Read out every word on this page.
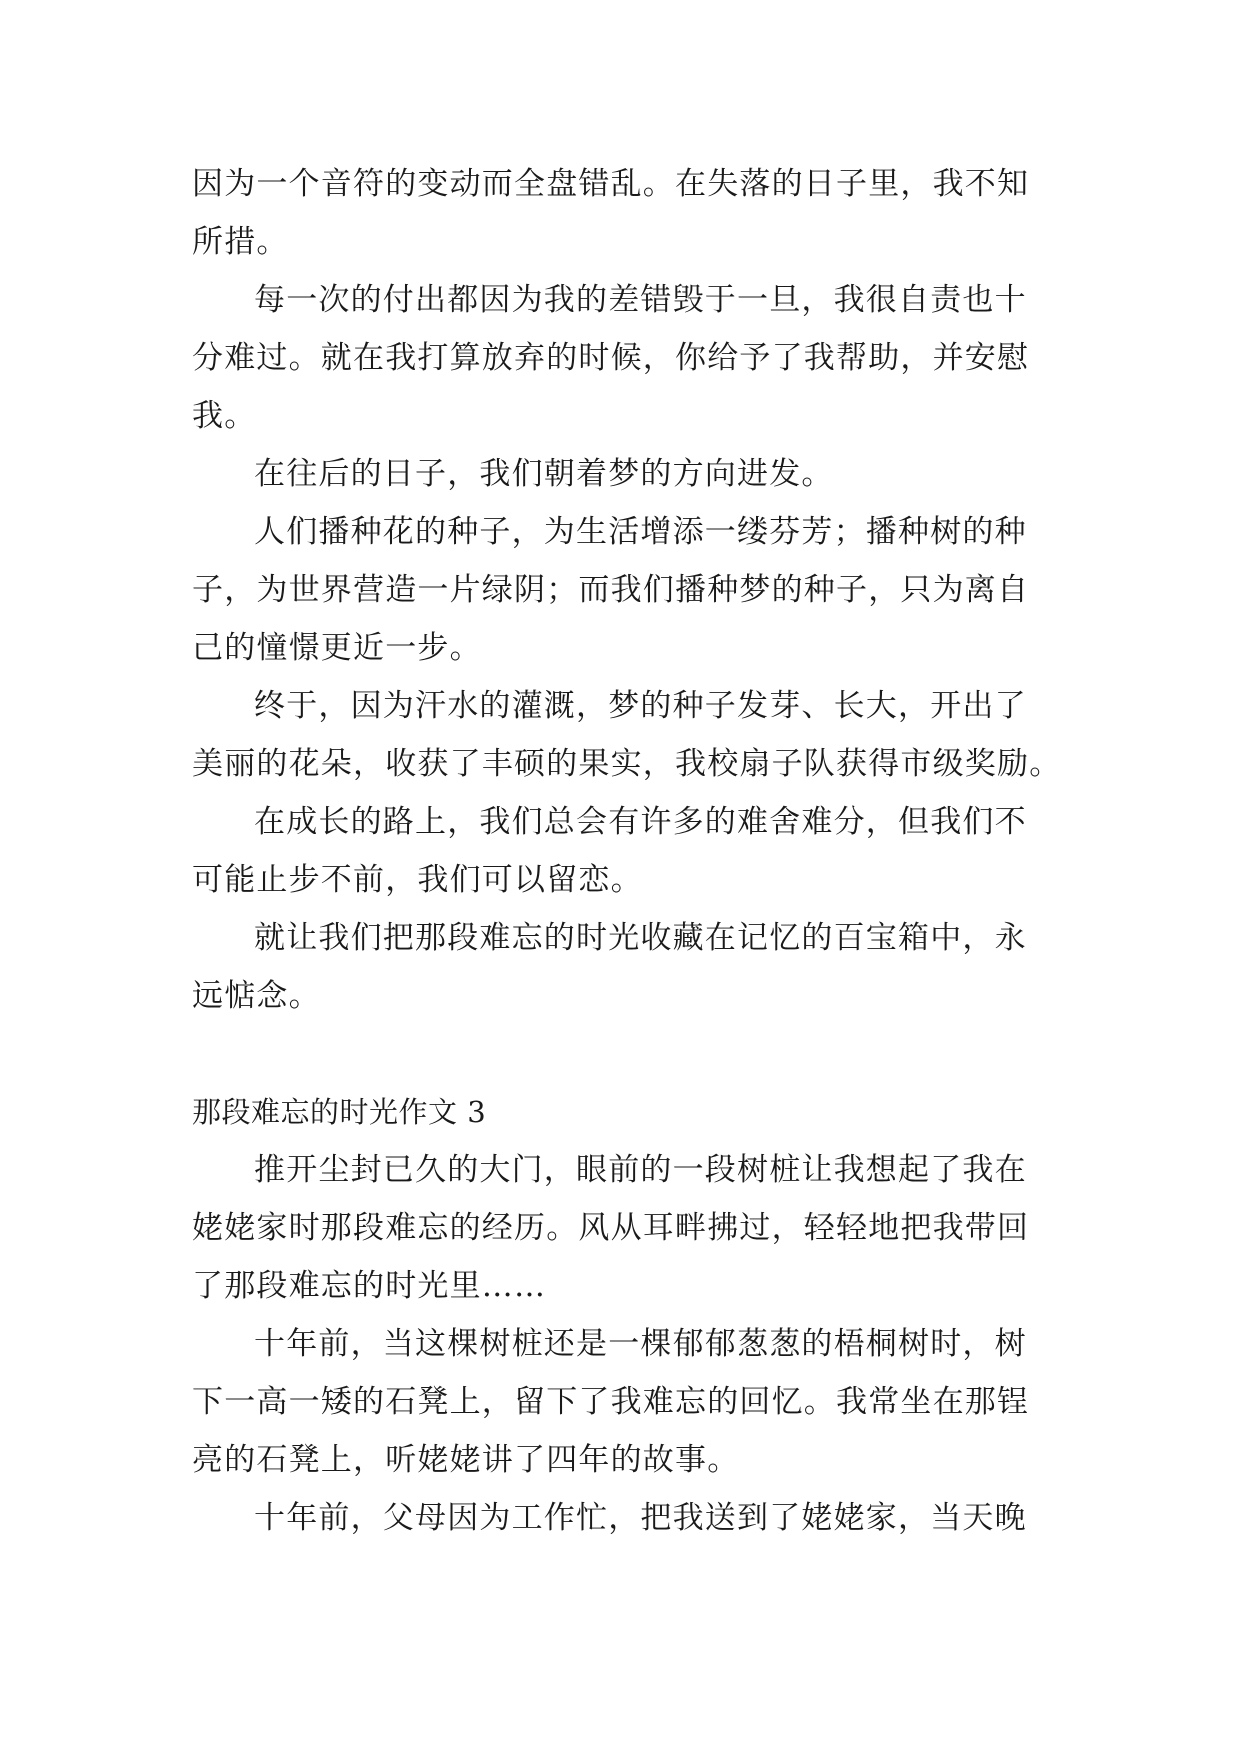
因为一个音符的变动而全盘错乱。在失落的日子里，我不知
所措。
每一次的付出都因为我的差错毁于一旦，我很自责也十
分难过。就在我打算放弃的时候，你给予了我帮助，并安慰
我。
在往后的日子，我们朝着梦的方向进发。
人们播种花的种子，为生活增添一缕芬芳；播种树的种
子，为世界营造一片绿阴；而我们播种梦的种子，只为离自
己的憧憬更近一步。
终于，因为汗水的灌溉，梦的种子发芽、长大，开出了
美丽的花朵，收获了丰硕的果实，我校扇子队获得市级奖励。
在成长的路上，我们总会有许多的难舍难分，但我们不
可能止步不前，我们可以留恋。
就让我们把那段难忘的时光收藏在记忆的百宝箱中，永
远惦念。
那段难忘的时光作文 3
推开尘封已久的大门，眼前的一段树桩让我想起了我在
姥姥家时那段难忘的经历。风从耳畔拂过，轻轻地把我带回
了那段难忘的时光里……
十年前，当这棵树桩还是一棵郁郁葱葱的梧桐树时，树
下一高一矮的石凳上，留下了我难忘的回忆。我常坐在那锃
亮的石凳上，听姥姥讲了四年的故事。
十年前，父母因为工作忙，把我送到了姥姥家，当天晚
